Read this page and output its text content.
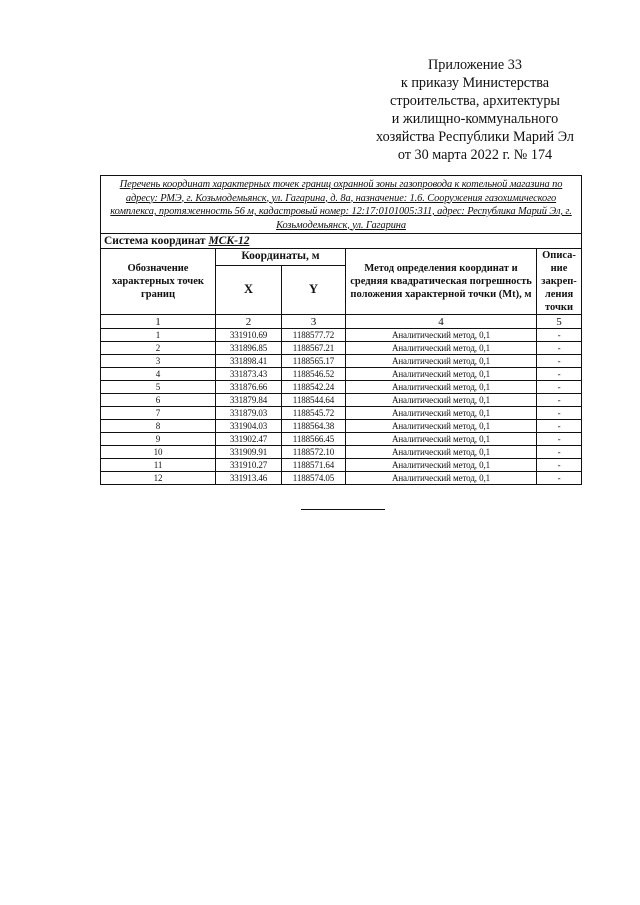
Приложение 33
к приказу Министерства
строительства, архитектуры
и жилищно-коммунального
хозяйства Республики Марий Эл
от 30 марта 2022 г. № 174
Перечень координат характерных точек границ охранной зоны газопровода к котельной магазина по адресу: РМЭ, г. Козьмодемьянск, ул. Гагарина, д. 8а, назначение: 1.6. Сооружения газохимического комплекса, протяженность 56 м, кадастровый номер: 12:17:0101005:311, адрес: Республика Марий Эл, г. Козьмодемьянск, ул. Гагарина				
Система координат МСК-12				
Обозначение характерных точек границ	Координаты, м		Метод определения координат и средняя квадратическая погрешность положения характерной точки (Mt), м	Описа-ние закреп-ления точки
	X	Y		
1	2	3	4	5
1	331910.69	1188577.72	Аналитический метод, 0,1	-
2	331896.85	1188567.21	Аналитический метод, 0,1	-
3	331898.41	1188565.17	Аналитический метод, 0,1	-
4	331873.43	1188546.52	Аналитический метод, 0,1	-
5	331876.66	1188542.24	Аналитический метод, 0,1	-
6	331879.84	1188544.64	Аналитический метод, 0,1	-
7	331879.03	1188545.72	Аналитический метод, 0,1	-
8	331904.03	1188564.38	Аналитический метод, 0,1	-
9	331902.47	1188566.45	Аналитический метод, 0,1	-
10	331909.91	1188572.10	Аналитический метод, 0,1	-
11	331910.27	1188571.64	Аналитический метод, 0,1	-
12	331913.46	1188574.05	Аналитический метод, 0,1	-
